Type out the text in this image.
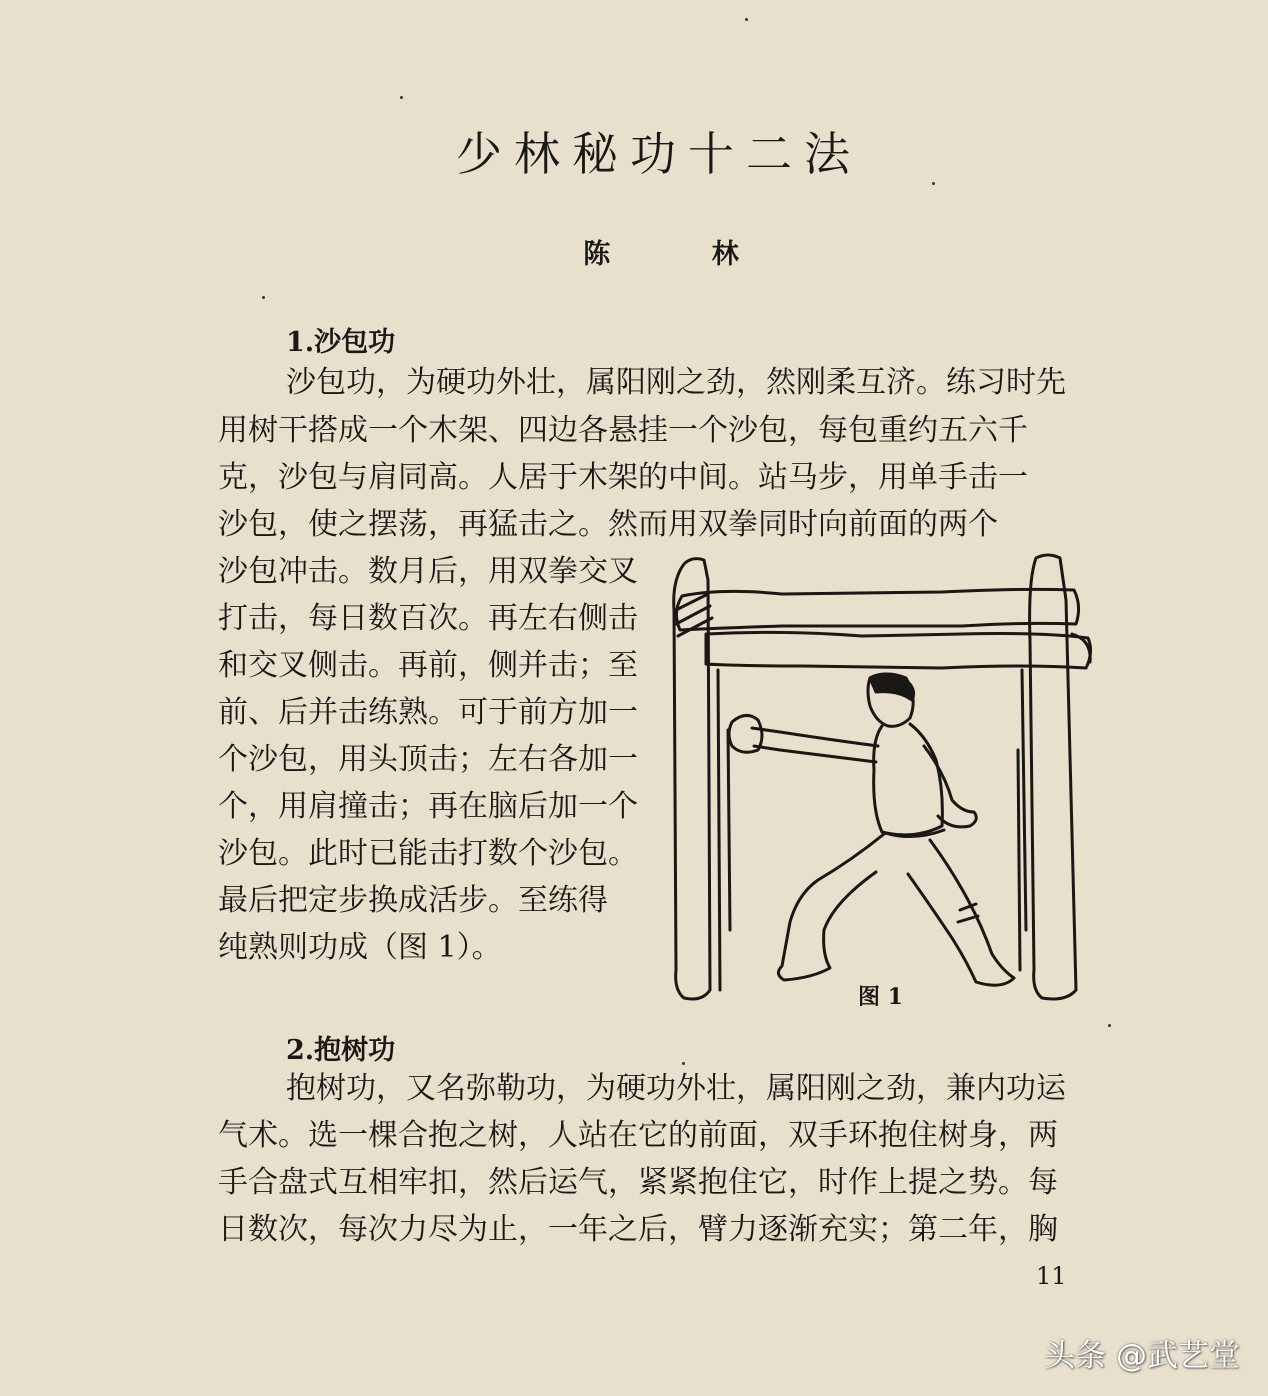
少林秘功十二法
陈 林
1.沙包功
沙包功，为硬功外壮，属阳刚之劲，然刚柔互济。练习时先
用树干搭成一个木架、四边各悬挂一个沙包，每包重约五六千
克，沙包与肩同高。人居于木架的中间。站马步，用单手击一
沙包，使之摆荡，再猛击之。然而用双拳同时向前面的两个
沙包冲击。数月后，用双拳交叉
打击，每日数百次。再左右侧击
和交叉侧击。再前，侧并击；至
前、后并击练熟。可于前方加一
个沙包，用头顶击；左右各加一
个，用肩撞击；再在脑后加一个
沙包。此时已能击打数个沙包。
最后把定步换成活步。至练得
纯熟则功成（图 1）。
图 1
2.抱树功
抱树功，又名弥勒功，为硬功外壮，属阳刚之劲，兼内功运
气术。选一棵合抱之树，人站在它的前面，双手环抱住树身，两
手合盘式互相牢扣，然后运气，紧紧抱住它，时作上提之势。每
日数次，每次力尽为止，一年之后，臂力逐渐充实；第二年，胸
11
头条 @武艺堂
